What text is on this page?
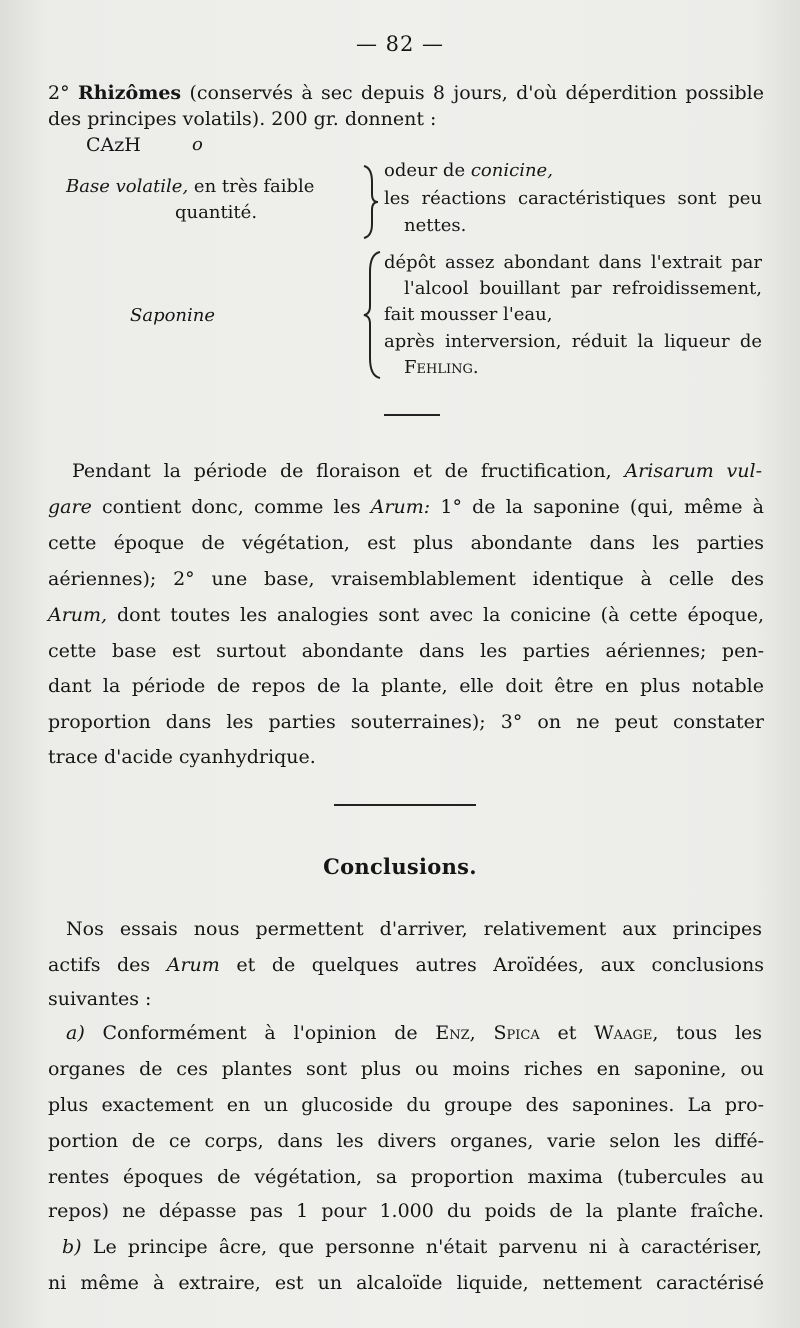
— 82 —
2° Rhizômes (conservés à sec depuis 8 jours, d'où déperdition possible
des principes volatils). 200 gr. donnent :
CAzH	o
Base volatile, en très faible
quantité.
odeur de conicine,
les réactions caractéristiques sont peu
nettes.
Saponine
dépôt assez abondant dans l'extrait par
l'alcool bouillant par refroidissement,
fait mousser l'eau,
après interversion, réduit la liqueur de
Fehling.
Pendant la période de floraison et de fructification, Arisarum vul-
gare contient donc, comme les Arum: 1° de la saponine (qui, même à
cette époque de végétation, est plus abondante dans les parties
aériennes); 2° une base, vraisemblablement identique à celle des
Arum, dont toutes les analogies sont avec la conicine (à cette époque,
cette base est surtout abondante dans les parties aériennes; pen-
dant la période de repos de la plante, elle doit être en plus notable
proportion dans les parties souterraines); 3° on ne peut constater
trace d'acide cyanhydrique.
Conclusions.
Nos essais nous permettent d'arriver, relativement aux principes
actifs des Arum et de quelques autres Aroïdées, aux conclusions
suivantes :
a) Conformément à l'opinion de Enz, Spica et Waage, tous les
organes de ces plantes sont plus ou moins riches en saponine, ou
plus exactement en un glucoside du groupe des saponines. La pro-
portion de ce corps, dans les divers organes, varie selon les diffé-
rentes époques de végétation, sa proportion maxima (tubercules au
repos) ne dépasse pas 1 pour 1.000 du poids de la plante fraîche.
b) Le principe âcre, que personne n'était parvenu ni à caractériser,
ni même à extraire, est un alcaloïde liquide, nettement caractérisé
